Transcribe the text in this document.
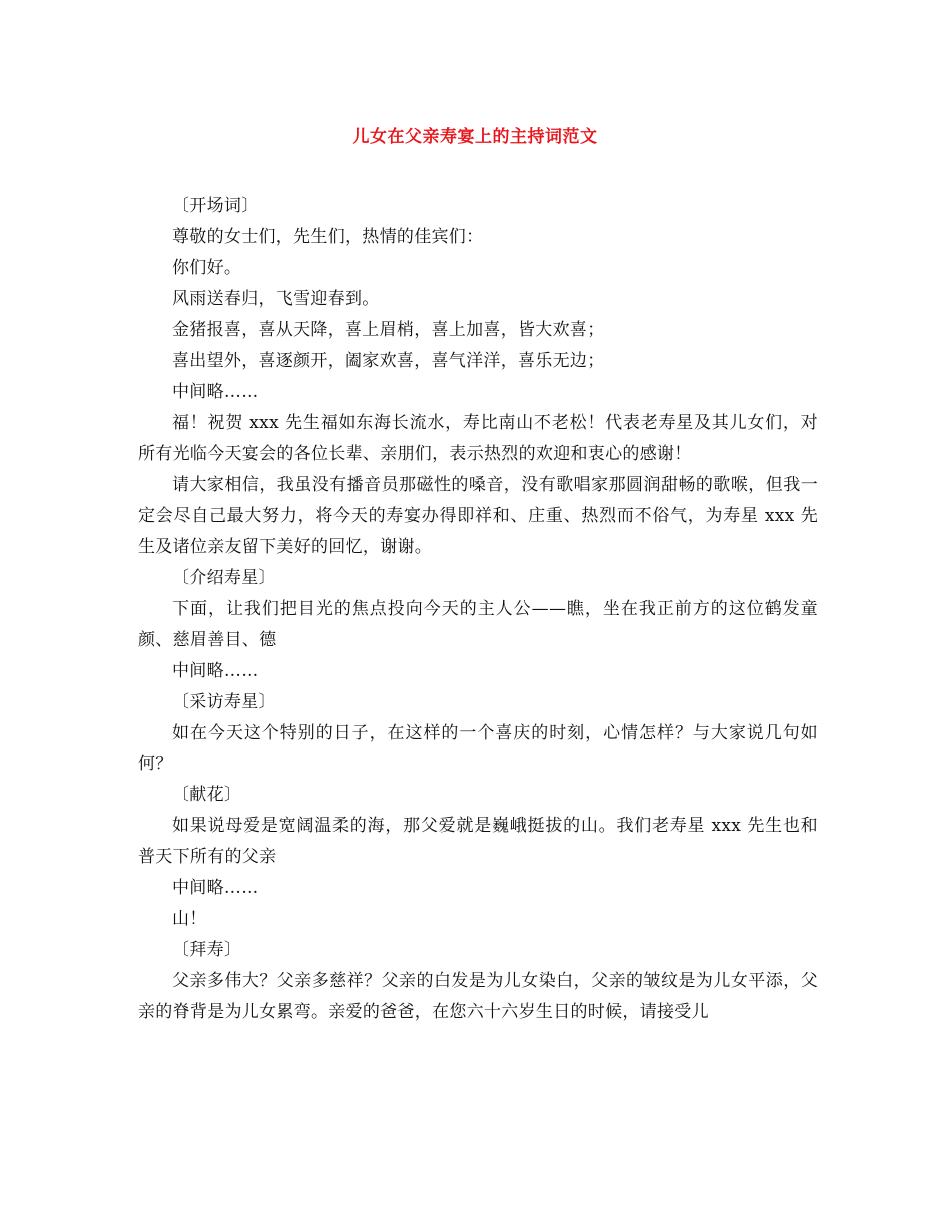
儿女在父亲寿宴上的主持词范文

〔开场词〕

尊敬的女士们，先生们，热情的佳宾们：

你们好。

风雨送春归，飞雪迎春到。

金猪报喜，喜从天降，喜上眉梢，喜上加喜，皆大欢喜；

喜出望外，喜逐颜开，阖家欢喜，喜气洋洋，喜乐无边；

中间略……

福！祝贺 xxx 先生福如东海长流水，寿比南山不老松！代表老寿星及其儿女们，对所有光临今天宴会的各位长辈、亲朋们，表示热烈的欢迎和衷心的感谢！

请大家相信，我虽没有播音员那磁性的嗓音，没有歌唱家那圆润甜畅的歌喉，但我一定会尽自己最大努力，将今天的寿宴办得即祥和、庄重、热烈而不俗气，为寿星 xxx 先生及诸位亲友留下美好的回忆，谢谢。

〔介绍寿星〕

下面，让我们把目光的焦点投向今天的主人公——瞧，坐在我正前方的这位鹤发童颜、慈眉善目、德

中间略……

〔采访寿星〕

如在今天这个特别的日子，在这样的一个喜庆的时刻，心情怎样？与大家说几句如何？

〔献花〕

如果说母爱是宽阔温柔的海，那父爱就是巍峨挺拔的山。我们老寿星 xxx 先生也和普天下所有的父亲

中间略……

山！

〔拜寿〕

父亲多伟大？父亲多慈祥？父亲的白发是为儿女染白，父亲的皱纹是为儿女平添，父亲的脊背是为儿女累弯。亲爱的爸爸，在您六十六岁生日的时候，请接受儿
